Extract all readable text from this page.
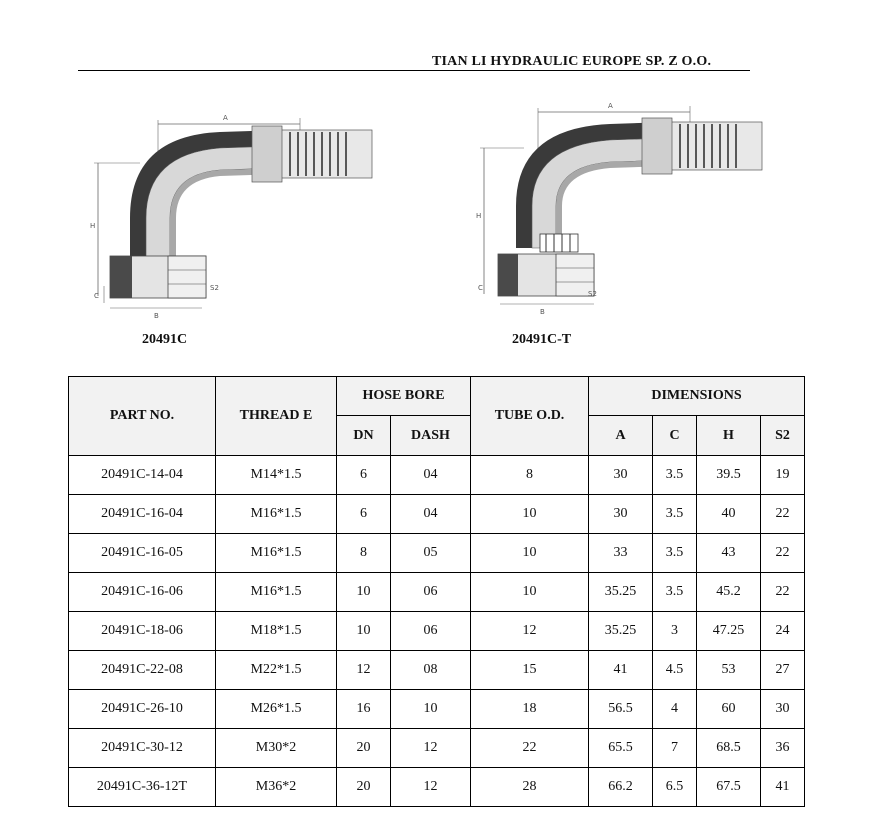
TIAN LI HYDRAULIC EUROPE SP. Z O.O.
A
H
C
B
S2
20491C
A
H
C
B
S2
20491C-T
PART NO.	THREAD E	HOSE BORE		TUBE O.D.	DIMENSIONS			
		DN	DASH		A	C	H	S2
20491C-14-04	M14*1.5	6	04	8	30	3.5	39.5	19
20491C-16-04	M16*1.5	6	04	10	30	3.5	40	22
20491C-16-05	M16*1.5	8	05	10	33	3.5	43	22
20491C-16-06	M16*1.5	10	06	10	35.25	3.5	45.2	22
20491C-18-06	M18*1.5	10	06	12	35.25	3	47.25	24
20491C-22-08	M22*1.5	12	08	15	41	4.5	53	27
20491C-26-10	M26*1.5	16	10	18	56.5	4	60	30
20491C-30-12	M30*2	20	12	22	65.5	7	68.5	36
20491C-36-12T	M36*2	20	12	28	66.2	6.5	67.5	41
